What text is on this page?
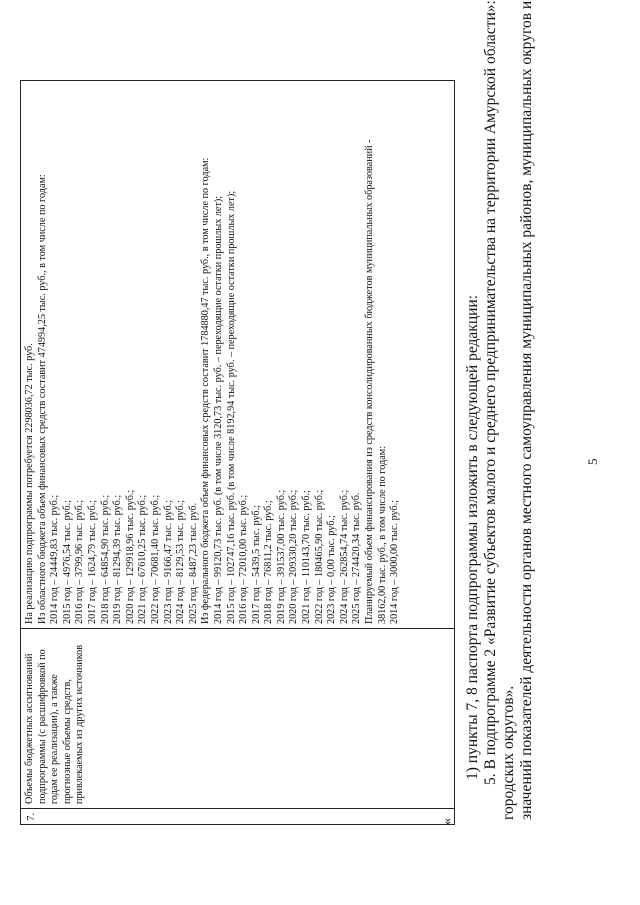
5
значений показателей деятельности органов местного самоуправления муниципальных районов, муниципальных округов и
городских округов».
5. В подпрограмме 2 «Развитие субъектов малого и среднего предпринимательства на территории Амурской области»:
1) пункты 7, 8 паспорта подпрограммы изложить в следующей редакции:
«
7.
Объемы бюджетных ассигнований подпрограммы (с расшифровкой по годам ее реализации), а также прогнозные объемы средств, привлекаемых из других источников
На реализацию подпрограммы потребуется 2298036,72 тыс. руб. Из областного бюджета объем финансовых средств составит 474994,25 тыс. руб., в том числе по годам: 2014 год – 24449,83 тыс. руб.; 2015 год – 4976,54 тыс. руб.; 2016 год – 3799,96 тыс. руб.; 2017 год – 1624,79 тыс. руб.; 2018 год – 64854,90 тыс. руб.; 2019 год – 81294,39 тыс. руб.; 2020 год – 129918,96 тыс. руб.; 2021 год – 67610,25 тыс. руб.; 2022 год – 70681,40 тыс. руб.; 2023 год – 9166,47 тыс. руб.; 2024 год – 8129,53 тыс. руб.; 2025 год – 8487,23 тыс. руб. Из федерального бюджета объем финансовых средств составит 1784880,47 тыс. руб., в том числе по годам: 2014 год – 99120,73 тыс. руб. (в том числе 3120,73 тыс. руб. – переходящие остатки прошлых лет); 2015 год – 102747,16 тыс. руб. (в том числе 8192,94 тыс. руб. – переходящие остатки прошлых лет); 2016 год – 72010,00 тыс. руб.; 2017 год – 5439,5 тыс. руб.; 2018 год – 76811,2 тыс. руб.; 2019 год – 391537,00 тыс. руб.; 2020 год – 209330,20 тыс. руб.; 2021 год – 110143,70 тыс. руб.; 2022 год – 180465,90 тыс. руб.; 2023 год – 0,00 тыс. руб.; 2024 год – 262854,74 тыс. руб.; 2025 год – 274420,34 тыс. руб. Планируемый объем финансирования из средств консолидированных бюджетов муниципальных образований - 38162,00 тыс. руб., в том числе по годам: 2014 год – 3000,00 тыс. руб.;
